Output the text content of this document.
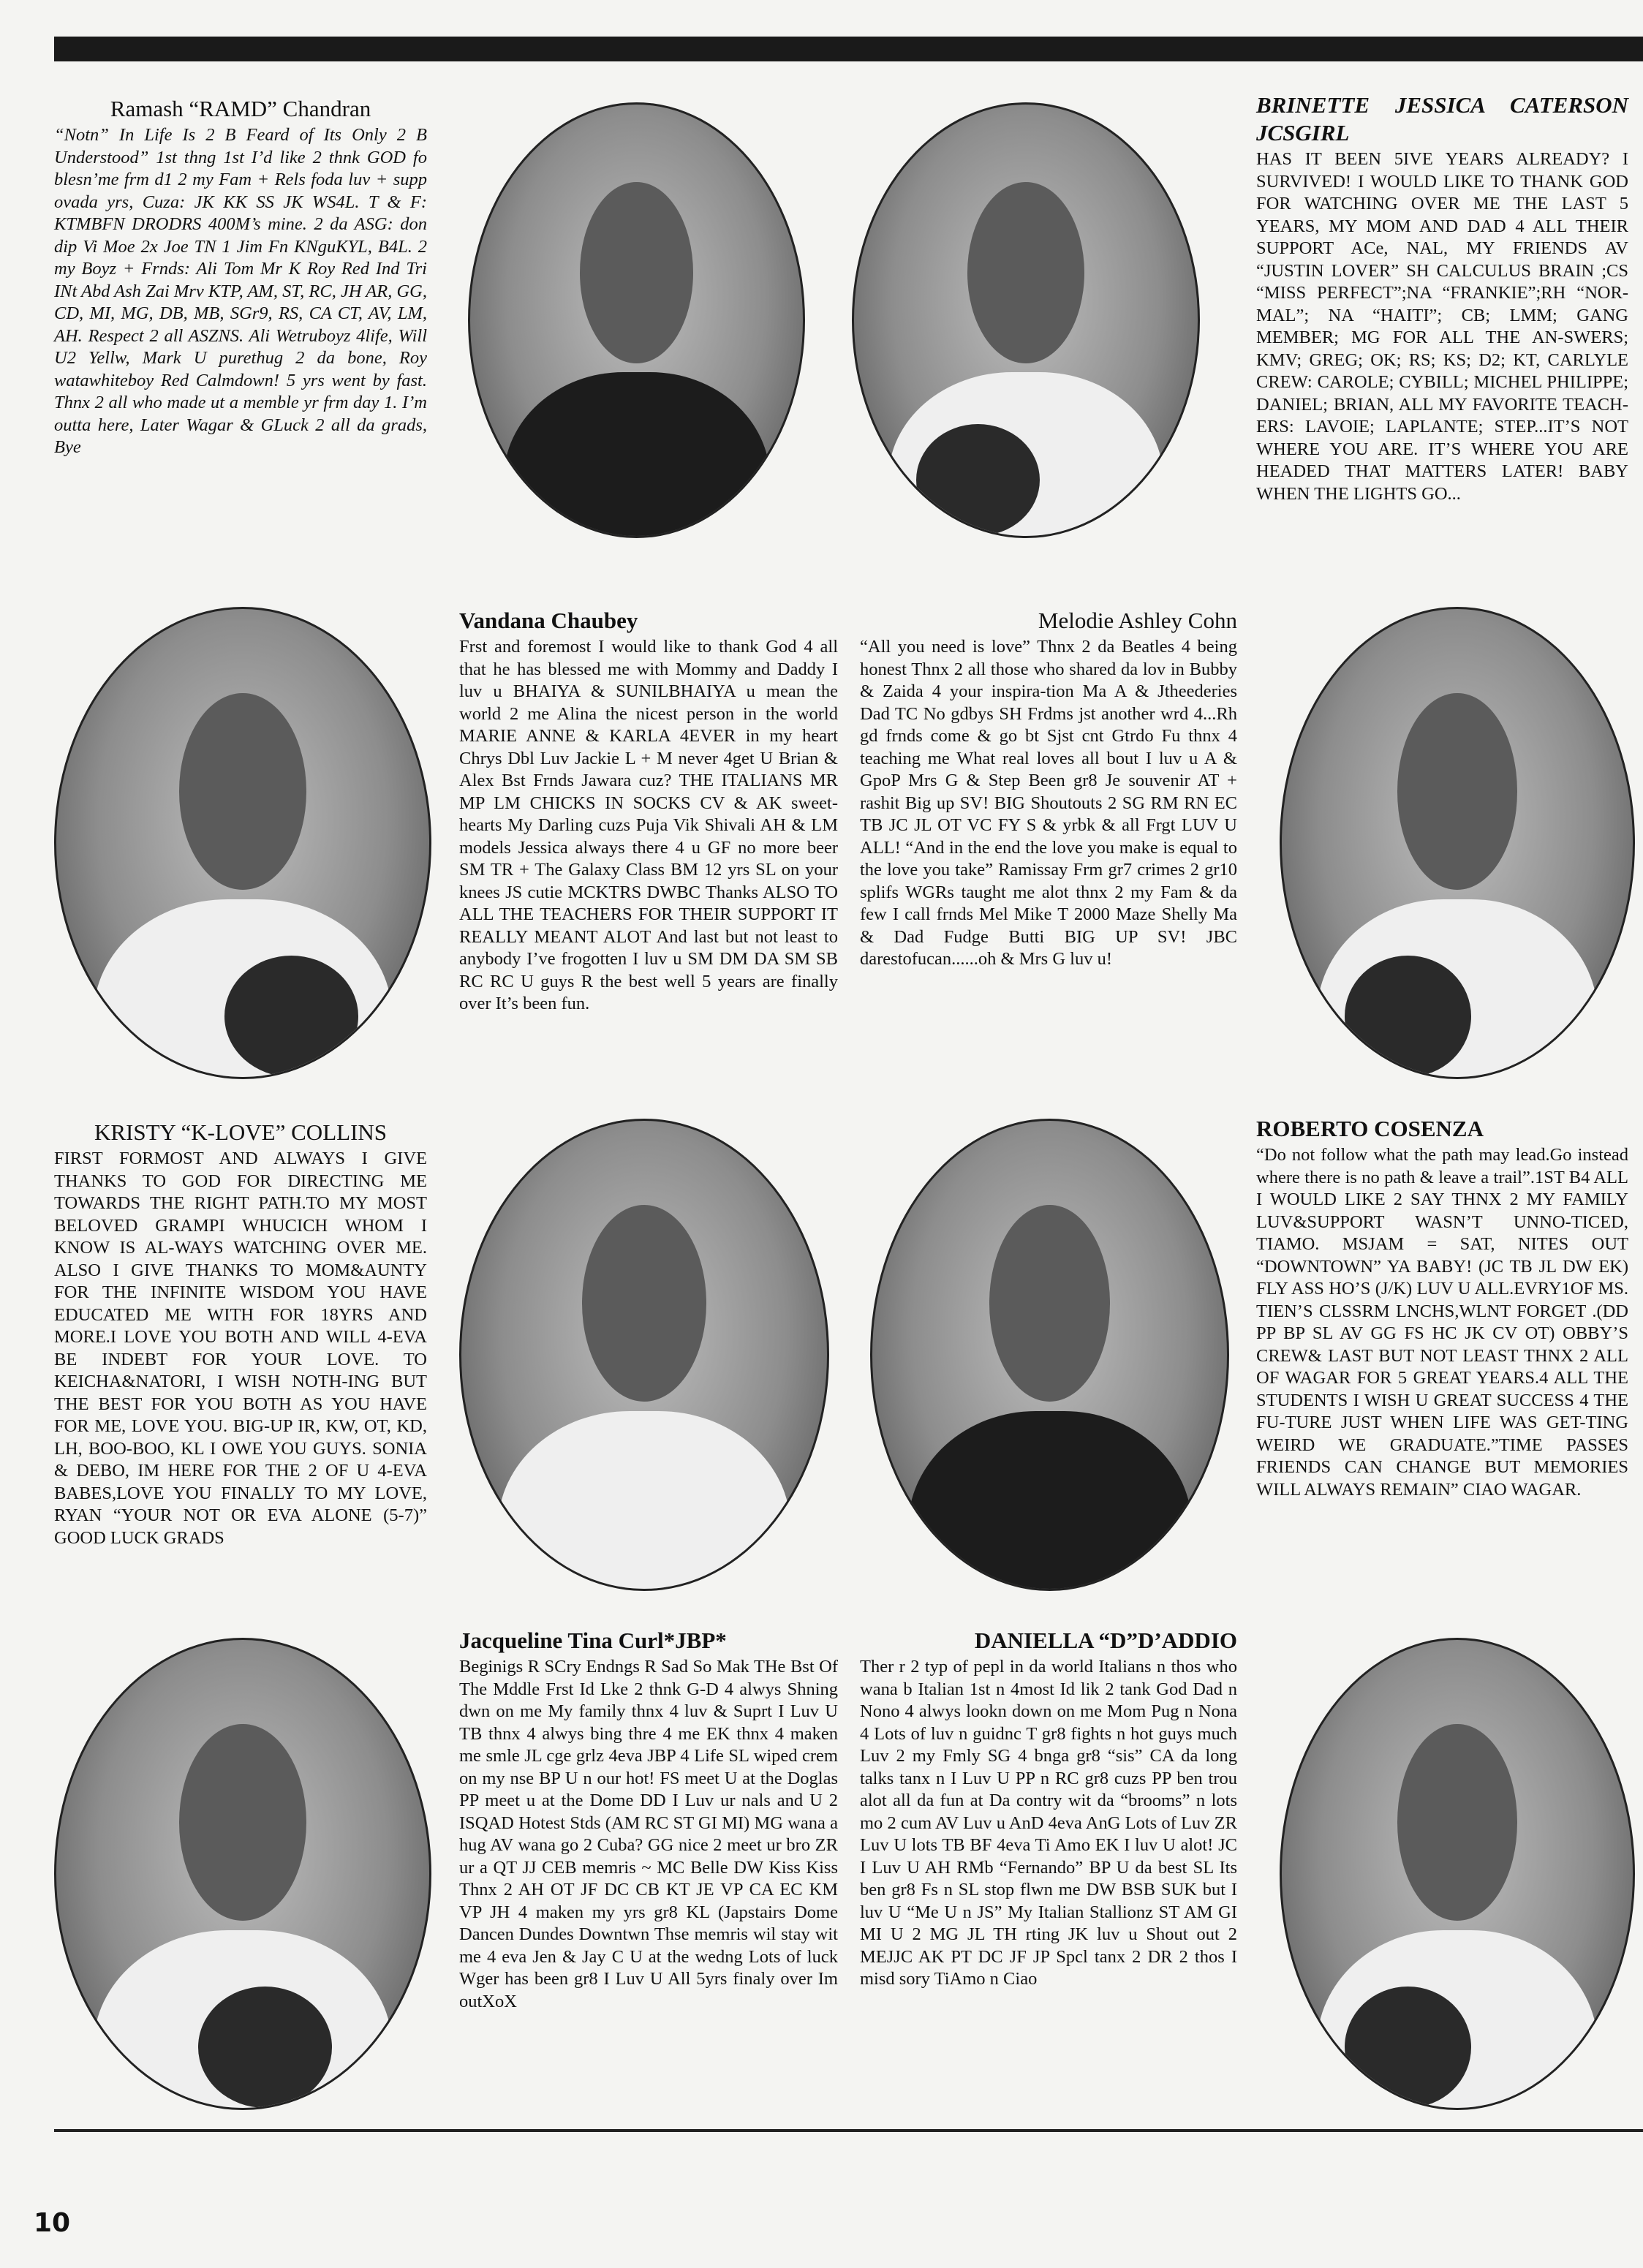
Ramash “RAMD” Chandran
“Notn” In Life Is 2 B Feard of Its Only 2 B Understood” 1st thng 1st I’d like 2 thnk GOD fo blesn’me frm d1 2 my Fam + Rels foda luv + supp ovada yrs, Cuza: JK KK SS JK WS4L. T & F: KTMBFN DRODRS 400M’s mine. 2 da ASG: don dip Vi Moe 2x Joe TN 1 Jim Fn KNguKYL, B4L. 2 my Boyz + Frnds: Ali Tom Mr K Roy Red Ind Tri INt Abd Ash Zai Mrv KTP, AM, ST, RC, JH AR, GG, CD, MI, MG, DB, MB, SGr9, RS, CA CT, AV, LM, AH. Respect 2 all ASZNS. Ali Wetruboyz 4life, Will U2 Yellw, Mark U purethug 2 da bone, Roy watawhiteboy Red Calmdown! 5 yrs went by fast. Thnx 2 all who made ut a memble yr frm day 1. I’m outta here, Later Wagar & GLuck 2 all da grads, Bye
BRINETTE JESSICA CATERSON JCSGIRL
HAS IT BEEN 5IVE YEARS ALREADY? I SURVIVED! I WOULD LIKE TO THANK GOD FOR WATCHING OVER ME THE LAST 5 YEARS, MY MOM AND DAD 4 ALL THEIR SUPPORT ACe, NAL, MY FRIENDS AV “JUSTIN LOVER” SH CALCULUS BRAIN ;CS “MISS PERFECT”;NA “FRANKIE”;RH “NOR-MAL”; NA “HAITI”; CB; LMM; GANG MEMBER; MG FOR ALL THE AN-SWERS; KMV; GREG; OK; RS; KS; D2; KT, CARLYLE CREW: CAROLE; CYBILL; MICHEL PHILIPPE; DANIEL; BRIAN, ALL MY FAVORITE TEACH-ERS: LAVOIE; LAPLANTE; STEP...IT’S NOT WHERE YOU ARE. IT’S WHERE YOU ARE HEADED THAT MATTERS LATER! BABY WHEN THE LIGHTS GO...
Vandana Chaubey
Frst and foremost I would like to thank God 4 all that he has blessed me with Mommy and Daddy I luv u BHAIYA & SUNILBHAIYA u mean the world 2 me Alina the nicest person in the world MARIE ANNE & KARLA 4EVER in my heart Chrys Dbl Luv Jackie L + M never 4get U Brian & Alex Bst Frnds Jawara cuz? THE ITALIANS MR MP LM CHICKS IN SOCKS CV & AK sweet-hearts My Darling cuzs Puja Vik Shivali AH & LM models Jessica always there 4 u GF no more beer SM TR + The Galaxy Class BM 12 yrs SL on your knees JS cutie MCKTRS DWBC Thanks ALSO TO ALL THE TEACHERS FOR THEIR SUPPORT IT REALLY MEANT ALOT And last but not least to anybody I’ve frogotten I luv u SM DM DA SM SB RC RC U guys R the best well 5 years are finally over It’s been fun.
Melodie Ashley Cohn
“All you need is love” Thnx 2 da Beatles 4 being honest Thnx 2 all those who shared da lov in Bubby & Zaida 4 your inspira-tion Ma A & Jtheederies Dad TC No gdbys SH Frdms jst another wrd 4...Rh gd frnds come & go bt Sjst cnt Gtrdo Fu thnx 4 teaching me What real loves all bout I luv u A & GpoP Mrs G & Step Been gr8 Je souvenir AT + rashit Big up SV! BIG Shoutouts 2 SG RM RN EC TB JC JL OT VC FY S & yrbk & all Frgt LUV U ALL! “And in the end the love you make is equal to the love you take” Ramissay Frm gr7 crimes 2 gr10 splifs WGRs taught me alot thnx 2 my Fam & da few I call frnds Mel Mike T 2000 Maze Shelly Ma & Dad Fudge Butti BIG UP SV! JBC darestofucan......oh & Mrs G luv u!
KRISTY “K-LOVE” COLLINS
FIRST FORMOST AND ALWAYS I GIVE THANKS TO GOD FOR DIRECTING ME TOWARDS THE RIGHT PATH.TO MY MOST BELOVED GRAMPI WHUCICH WHOM I KNOW IS AL-WAYS WATCHING OVER ME. ALSO I GIVE THANKS TO MOM&AUNTY FOR THE INFINITE WISDOM YOU HAVE EDUCATED ME WITH FOR 18YRS AND MORE.I LOVE YOU BOTH AND WILL 4-EVA BE INDEBT FOR YOUR LOVE. TO KEICHA&NATORI, I WISH NOTH-ING BUT THE BEST FOR YOU BOTH AS YOU HAVE FOR ME, LOVE YOU. BIG-UP IR, KW, OT, KD, LH, BOO-BOO, KL I OWE YOU GUYS. SONIA & DEBO, IM HERE FOR THE 2 OF U 4-EVA BABES,LOVE YOU FINALLY TO MY LOVE, RYAN “YOUR NOT OR EVA ALONE (5-7)” GOOD LUCK GRADS
ROBERTO COSENZA
“Do not follow what the path may lead.Go instead where there is no path & leave a trail”.1ST B4 ALL I WOULD LIKE 2 SAY THNX 2 MY FAMILY LUV&SUPPORT WASN’T UNNO-TICED, TIAMO. MSJAM = SAT, NITES OUT “DOWNTOWN” YA BABY! (JC TB JL DW EK) FLY ASS HO’S (J/K) LUV U ALL.EVRY1OF MS. TIEN’S CLSSRM LNCHS,WLNT FORGET .(DD PP BP SL AV GG FS HC JK CV OT) OBBY’S CREW& LAST BUT NOT LEAST THNX 2 ALL OF WAGAR FOR 5 GREAT YEARS.4 ALL THE STUDENTS I WISH U GREAT SUCCESS 4 THE FU-TURE JUST WHEN LIFE WAS GET-TING WEIRD WE GRADUATE.”TIME PASSES FRIENDS CAN CHANGE BUT MEMORIES WILL ALWAYS REMAIN” CIAO WAGAR.
Jacqueline Tina Curl*JBP*
Beginigs R SCry Endngs R Sad So Mak THe Bst Of The Mddle Frst Id Lke 2 thnk G-D 4 alwys Shning dwn on me My family thnx 4 luv & Suprt I Luv U TB thnx 4 alwys bing thre 4 me EK thnx 4 maken me smle JL cge grlz 4eva JBP 4 Life SL wiped crem on my nse BP U n our hot! FS meet U at the Doglas PP meet u at the Dome DD I Luv ur nals and U 2 ISQAD Hotest Stds (AM RC ST GI MI) MG wana a hug AV wana go 2 Cuba? GG nice 2 meet ur bro ZR ur a QT JJ CEB memris ~ MC Belle DW Kiss Kiss Thnx 2 AH OT JF DC CB KT JE VP CA EC KM VP JH 4 maken my yrs gr8 KL (Japstairs Dome Dancen Dundes Downtwn Thse memris wil stay wit me 4 eva Jen & Jay C U at the wedng Lots of luck Wger has been gr8 I Luv U All 5yrs finaly over Im outXoX
DANIELLA “D”D’ADDIO
Ther r 2 typ of pepl in da world Italians n thos who wana b Italian 1st n 4most Id lik 2 tank God Dad n Nono 4 alwys lookn down on me Mom Pug n Nona 4 Lots of luv n guidnc T gr8 fights n hot guys much Luv 2 my Fmly SG 4 bnga gr8 “sis” CA da long talks tanx n I Luv U PP n RC gr8 cuzs PP ben trou alot all da fun at Da contry wit da “brooms” n lots mo 2 cum AV Luv u AnD 4eva AnG Lots of Luv ZR Luv U lots TB BF 4eva Ti Amo EK I luv U alot! JC I Luv U AH RMb “Fernando” BP U da best SL Its ben gr8 Fs n SL stop flwn me DW BSB SUK but I luv U “Me U n JS” My Italian Stallionz ST AM GI MI U 2 MG JL TH rting JK luv u Shout out 2 MEJJC AK PT DC JF JP Spcl tanx 2 DR 2 thos I misd sory TiAmo n Ciao
10
